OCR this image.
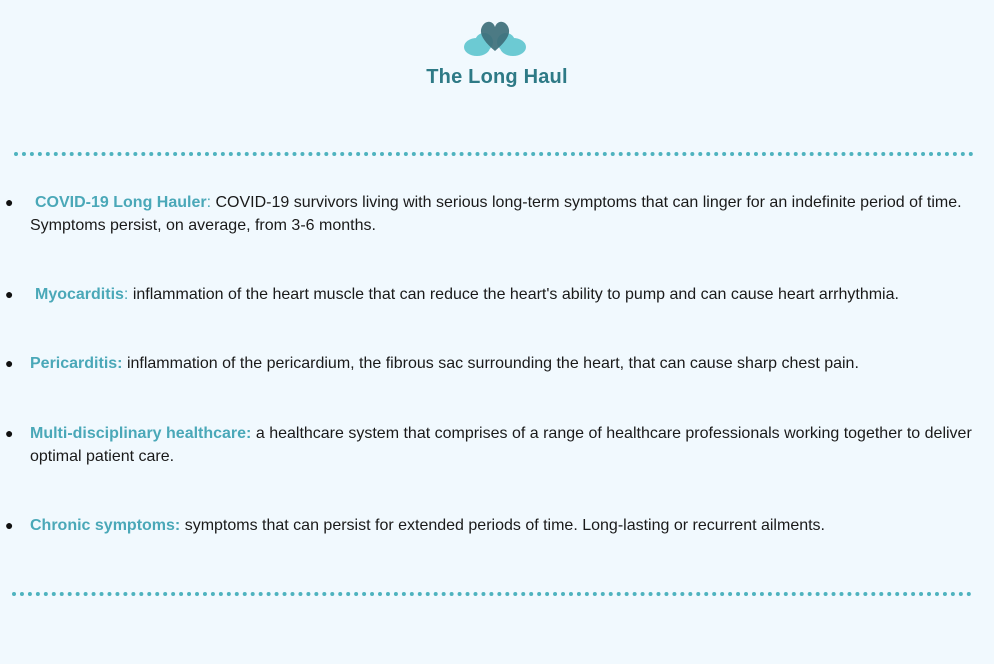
The Long Haul
●	COVID-19 Long Hauler: COVID-19 survivors living with serious long-term symptoms that can linger for an indefinite period of time. Symptoms persist, on average, from 3-6 months.
●	Myocarditis: inflammation of the heart muscle that can reduce the heart's ability to pump and can cause heart arrhythmia.
● Pericarditis: inflammation of the pericardium, the fibrous sac surrounding the heart, that can cause sharp chest pain.
● Multi-disciplinary healthcare: a healthcare system that comprises of a range of healthcare professionals working together to deliver optimal patient care.
● Chronic symptoms: symptoms that can persist for extended periods of time. Long-lasting or recurrent ailments.
